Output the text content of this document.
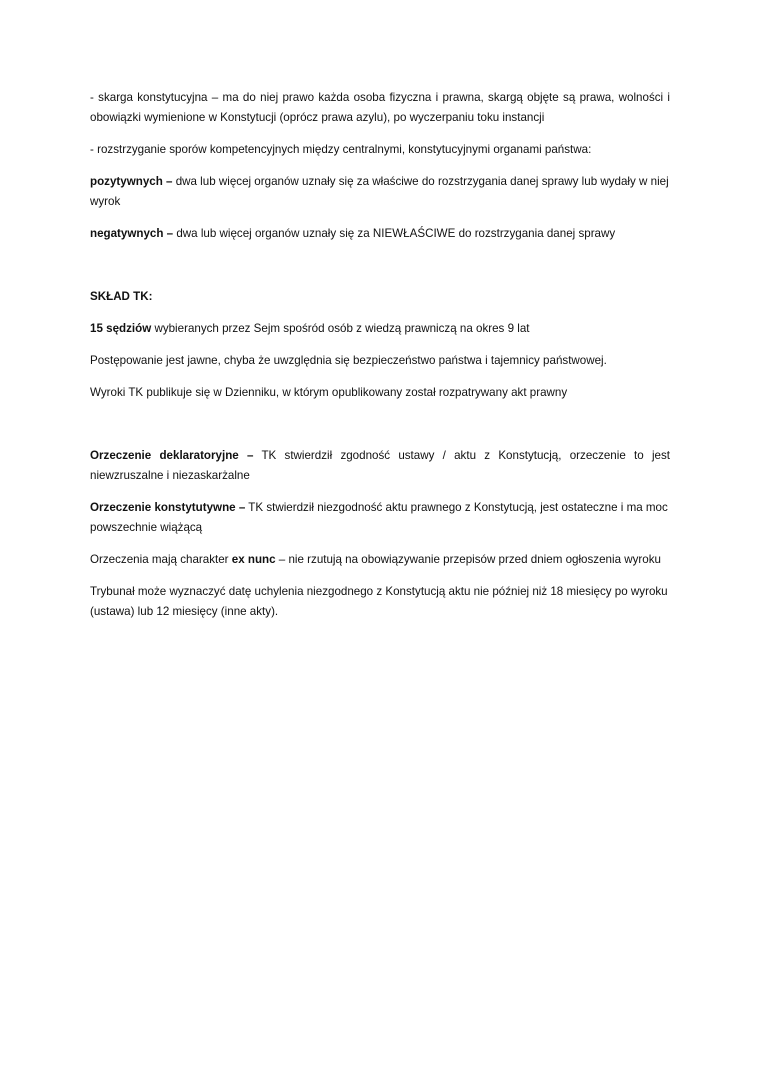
- skarga konstytucyjna – ma do niej prawo każda osoba fizyczna i prawna, skargą objęte są prawa, wolności i obowiązki wymienione w Konstytucji (oprócz prawa azylu), po wyczerpaniu toku instancji

- rozstrzyganie sporów kompetencyjnych między centralnymi, konstytucyjnymi organami państwa:

pozytywnych – dwa lub więcej organów uznały się za właściwe do rozstrzygania danej sprawy lub wydały w niej wyrok

negatywnych – dwa lub więcej organów uznały się za NIEWŁAŚCIWE do rozstrzygania danej sprawy

SKŁAD TK:

15 sędziów wybieranych przez Sejm spośród osób z wiedzą prawniczą na okres 9 lat

Postępowanie jest jawne, chyba że uwzględnia się bezpieczeństwo państwa i tajemnicy państwowej.

Wyroki TK publikuje się w Dzienniku, w którym opublikowany został rozpatrywany akt prawny

Orzeczenie deklaratoryjne – TK stwierdził zgodność ustawy / aktu z Konstytucją, orzeczenie to jest niewzruszalne i niezaskarżalne

Orzeczenie konstytutywne – TK stwierdził niezgodność aktu prawnego z Konstytucją, jest ostateczne i ma moc powszechnie wiążącą

Orzeczenia mają charakter ex nunc – nie rzutują na obowiązywanie przepisów przed dniem ogłoszenia wyroku

Trybunał może wyznaczyć datę uchylenia niezgodnego z Konstytucją aktu nie później niż 18 miesięcy po wyroku (ustawa) lub 12 miesięcy (inne akty).
